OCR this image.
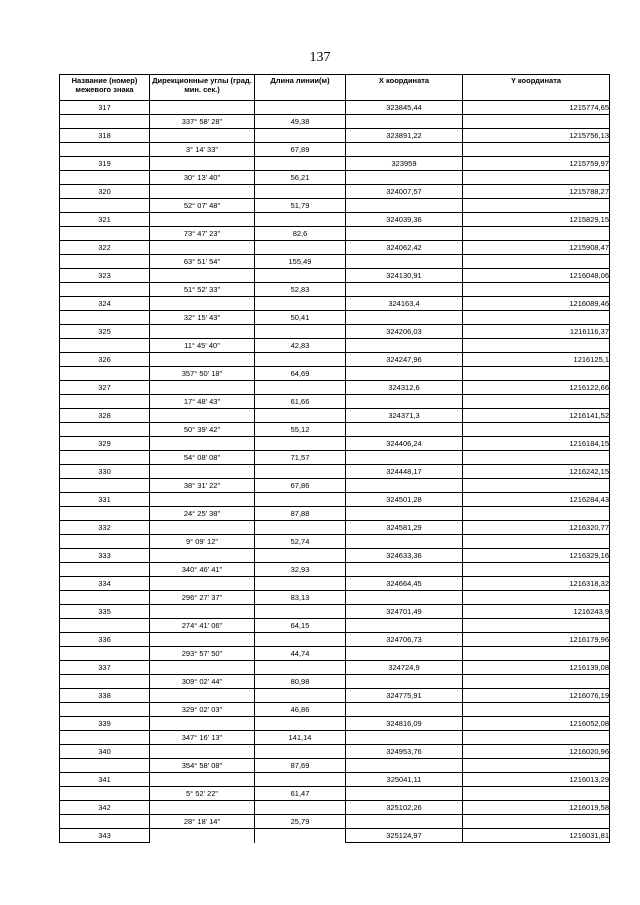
137
Название (номер) межевого знака	Дирекционные углы (град. мин. сек.)	Длина линии(м)	X координата	Y координата
317			323845,44	1215774,65
	337° 58' 28"	49,38		
318			323891,22	1215756,13
	3° 14' 33"	67,89		
319			323959	1215759,97
	30° 13' 40"	56,21		
320			324007,57	1215788,27
	52° 07' 48"	51,79		
321			324039,36	1215829,15
	73° 47' 23"	82,6		
322			324062,42	1215908,47
	63° 51' 54"	155,49		
323			324130,91	1216048,06
	51° 52' 33"	52,83		
324			324163,4	1216089,46
	32° 15' 43"	50,41		
325			324206,03	1216116,37
	11° 45' 40"	42,83		
326			324247,96	1216125,1
	357° 50' 18"	64,69		
327			324312,6	1216122,66
	17° 48' 43"	61,66		
328			324371,3	1216141,52
	50° 39' 42"	55,12		
329			324406,24	1216184,15
	54° 08' 08"	71,57		
330			324448,17	1216242,15
	38° 31' 22"	67,86		
331			324501,28	1216284,43
	24° 25' 38"	87,88		
332			324581,29	1216320,77
	9° 09' 12"	52,74		
333			324633,36	1216329,16
	340° 46' 41"	32,93		
334			324664,45	1216318,32
	296° 27' 37"	83,13		
335			324701,49	1216243,9
	274° 41' 06"	64,15		
336			324706,73	1216179,96
	293° 57' 50"	44,74		
337			324724,9	1216139,08
	309° 02' 44"	80,98		
338			324775,91	1216076,19
	329° 02' 03"	46,86		
339			324816,09	1216052,08
	347° 16' 13"	141,14		
340			324953,76	1216020,96
	354° 58' 08"	87,69		
341			325041,11	1216013,29
	5° 52' 22"	61,47		
342			325102,26	1216019,58
	28° 18' 14"	25,79		
343			325124,97	1216031,81
